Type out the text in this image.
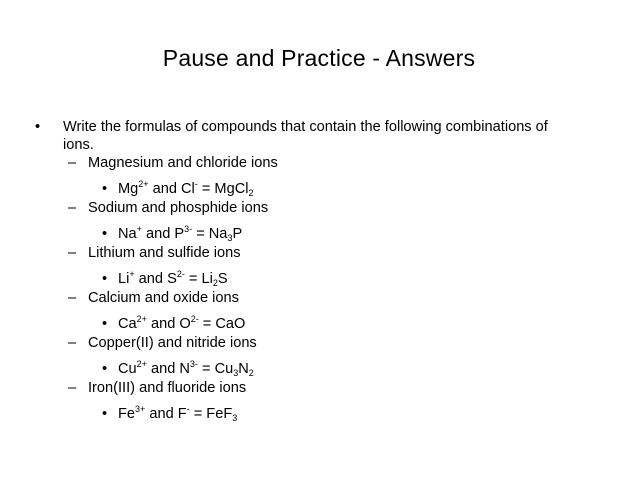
Pause and Practice - Answers
• Write the formulas of compounds that contain the following combinations of
ions.
– Magnesium and chloride ions
• $Mg^{2+}$ and Cl- = MgCl$_2$
– Sodium and phosphide ions
• Na+ and $P^{3-} = Na_3P$
– Lithium and sulfide ions
• Li+ and $S^{2-} = Li_2S$
– Calcium and oxide ions
• $Ca^{2+}$ and $O^{2-}$ = CaO
– Copper(II) and nitride ions
• $Cu^{2+}$ and $N^{3-} = Cu_3N_2$
– Iron(III) and fluoride ions
• $Fe^{3+}$ and F- = FeF$_3$
